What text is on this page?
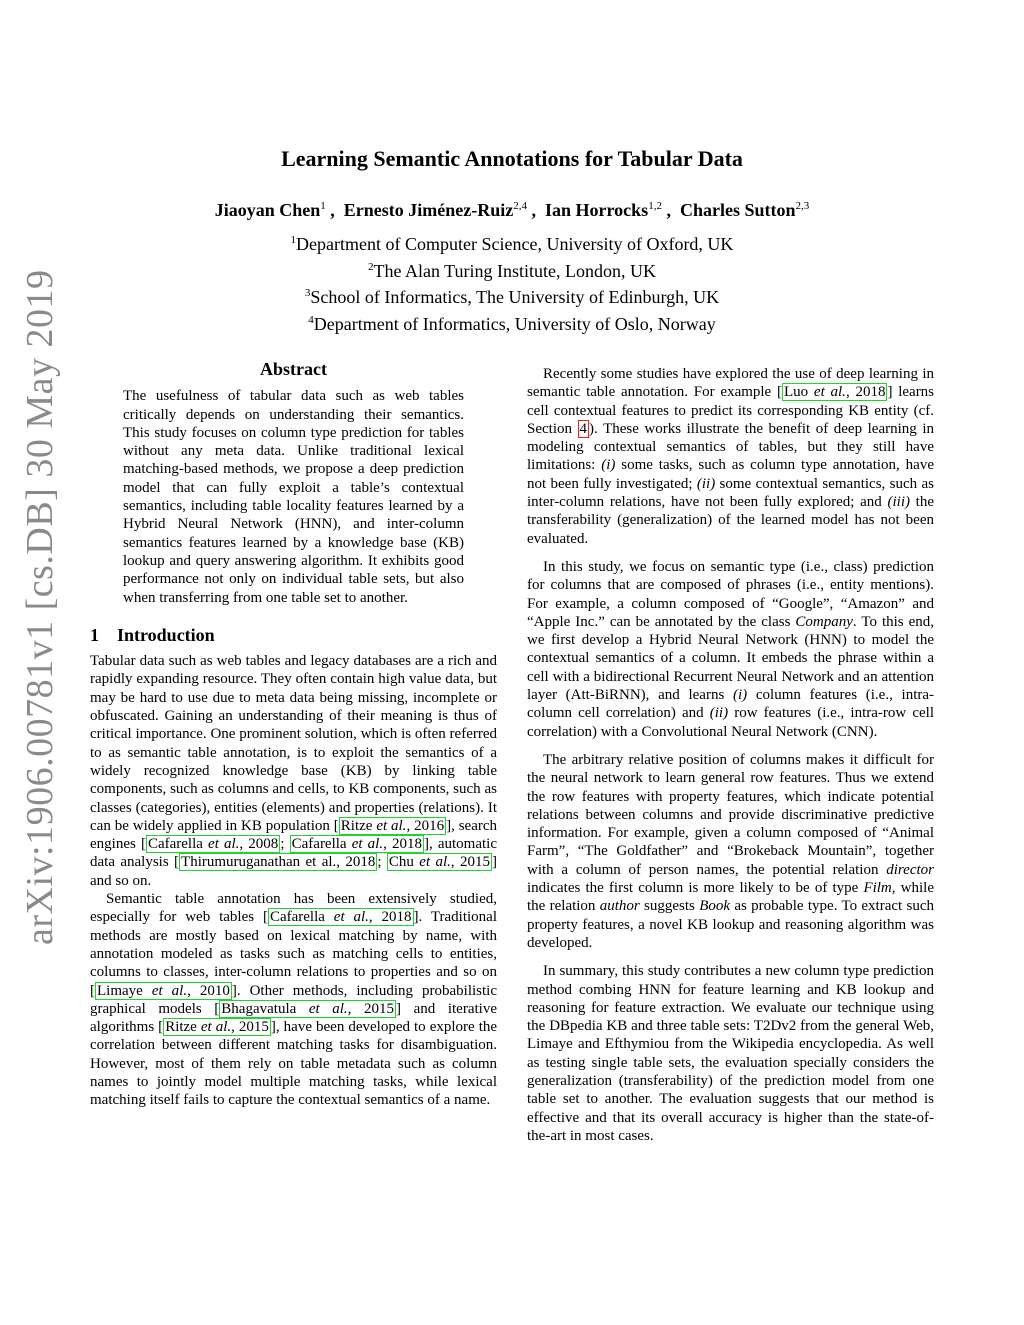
arXiv:1906.00781v1 [cs.DB] 30 May 2019
Learning Semantic Annotations for Tabular Data
Jiaoyan Chen$^1$ ,  Ernesto Jiménez-Ruiz$^{2,4}$ ,  Ian Horrocks$^{1,2}$ ,  Charles Sutton$^{2,3}$
$^1$Department of Computer Science, University of Oxford, UK
$^2$The Alan Turing Institute, London, UK
$^3$School of Informatics, The University of Edinburgh, UK
$^4$Department of Informatics, University of Oslo, Norway
Abstract

The usefulness of tabular data such as web tables critically depends on understanding their semantics. This study focuses on column type prediction for tables without any meta data. Unlike traditional lexical matching-based methods, we propose a deep prediction model that can fully exploit a table’s contextual semantics, including table locality features learned by a Hybrid Neural Network (HNN), and inter-column semantics features learned by a knowledge base (KB) lookup and query answering algorithm. It exhibits good performance not only on individual table sets, but also when transferring from one table set to another.

1 Introduction

Tabular data such as web tables and legacy databases are a rich and rapidly expanding resource. They often contain high value data, but may be hard to use due to meta data being missing, incomplete or obfuscated. Gaining an understanding of their meaning is thus of critical importance. One prominent solution, which is often referred to as semantic table annotation, is to exploit the semantics of a widely recognized knowledge base (KB) by linking table components, such as columns and cells, to KB components, such as classes (categories), entities (elements) and properties (relations). It can be widely applied in KB population [ Ritze et al., 2016 ], search engines [ Cafarella et al., 2008 ; Cafarella et al., 2018 ], automatic data analysis [ Thirumuruganathan et al., 2018 ; Chu et al., 2015 ] and so on.

Semantic table annotation has been extensively studied, especially for web tables [ Cafarella et al., 2018 ]. Traditional methods are mostly based on lexical matching by name, with annotation modeled as tasks such as matching cells to entities, columns to classes, inter-column relations to properties and so on [ Limaye et al., 2010 ]. Other methods, including probabilistic graphical models [ Bhagavatula et al., 2015 ] and iterative algorithms [ Ritze et al., 2015 ], have been developed to explore the correlation between different matching tasks for disambiguation. However, most of them rely on table metadata such as column names to jointly model multiple matching tasks, while lexical matching itself fails to capture the contextual semantics of a name.

Recently some studies have explored the use of deep learning in semantic table annotation. For example [ Luo et al., 2018 ] learns cell contextual features to predict its corresponding KB entity (cf. Section 4 ). These works illustrate the benefit of deep learning in modeling contextual semantics of tables, but they still have limitations: (i) some tasks, such as column type annotation, have not been fully investigated; (ii) some contextual semantics, such as inter-column relations, have not been fully explored; and (iii) the transferability (generalization) of the learned model has not been evaluated.

In this study, we focus on semantic type (i.e., class) prediction for columns that are composed of phrases (i.e., entity mentions). For example, a column composed of “Google”, “Amazon” and “Apple Inc.” can be annotated by the class Company. To this end, we first develop a Hybrid Neural Network (HNN) to model the contextual semantics of a column. It embeds the phrase within a cell with a bidirectional Recurrent Neural Network and an attention layer (Att-BiRNN), and learns (i) column features (i.e., intra-column cell correlation) and (ii) row features (i.e., intra-row cell correlation) with a Convolutional Neural Network (CNN).

The arbitrary relative position of columns makes it difficult for the neural network to learn general row features. Thus we extend the row features with property features, which indicate potential relations between columns and provide discriminative predictive information. For example, given a column composed of “Animal Farm”, “The Goldfather” and “Brokeback Mountain”, together with a column of person names, the potential relation director indicates the first column is more likely to be of type Film, while the relation author suggests Book as probable type. To extract such property features, a novel KB lookup and reasoning algorithm was developed.

In summary, this study contributes a new column type prediction method combing HNN for feature learning and KB lookup and reasoning for feature extraction. We evaluate our technique using the DBpedia KB and three table sets: T2Dv2 from the general Web, Limaye and Efthymiou from the Wikipedia encyclopedia. As well as testing single table sets, the evaluation specially considers the generalization (transferability) of the prediction model from one table set to another. The evaluation suggests that our method is effective and that its overall accuracy is higher than the state-of-the-art in most cases.
